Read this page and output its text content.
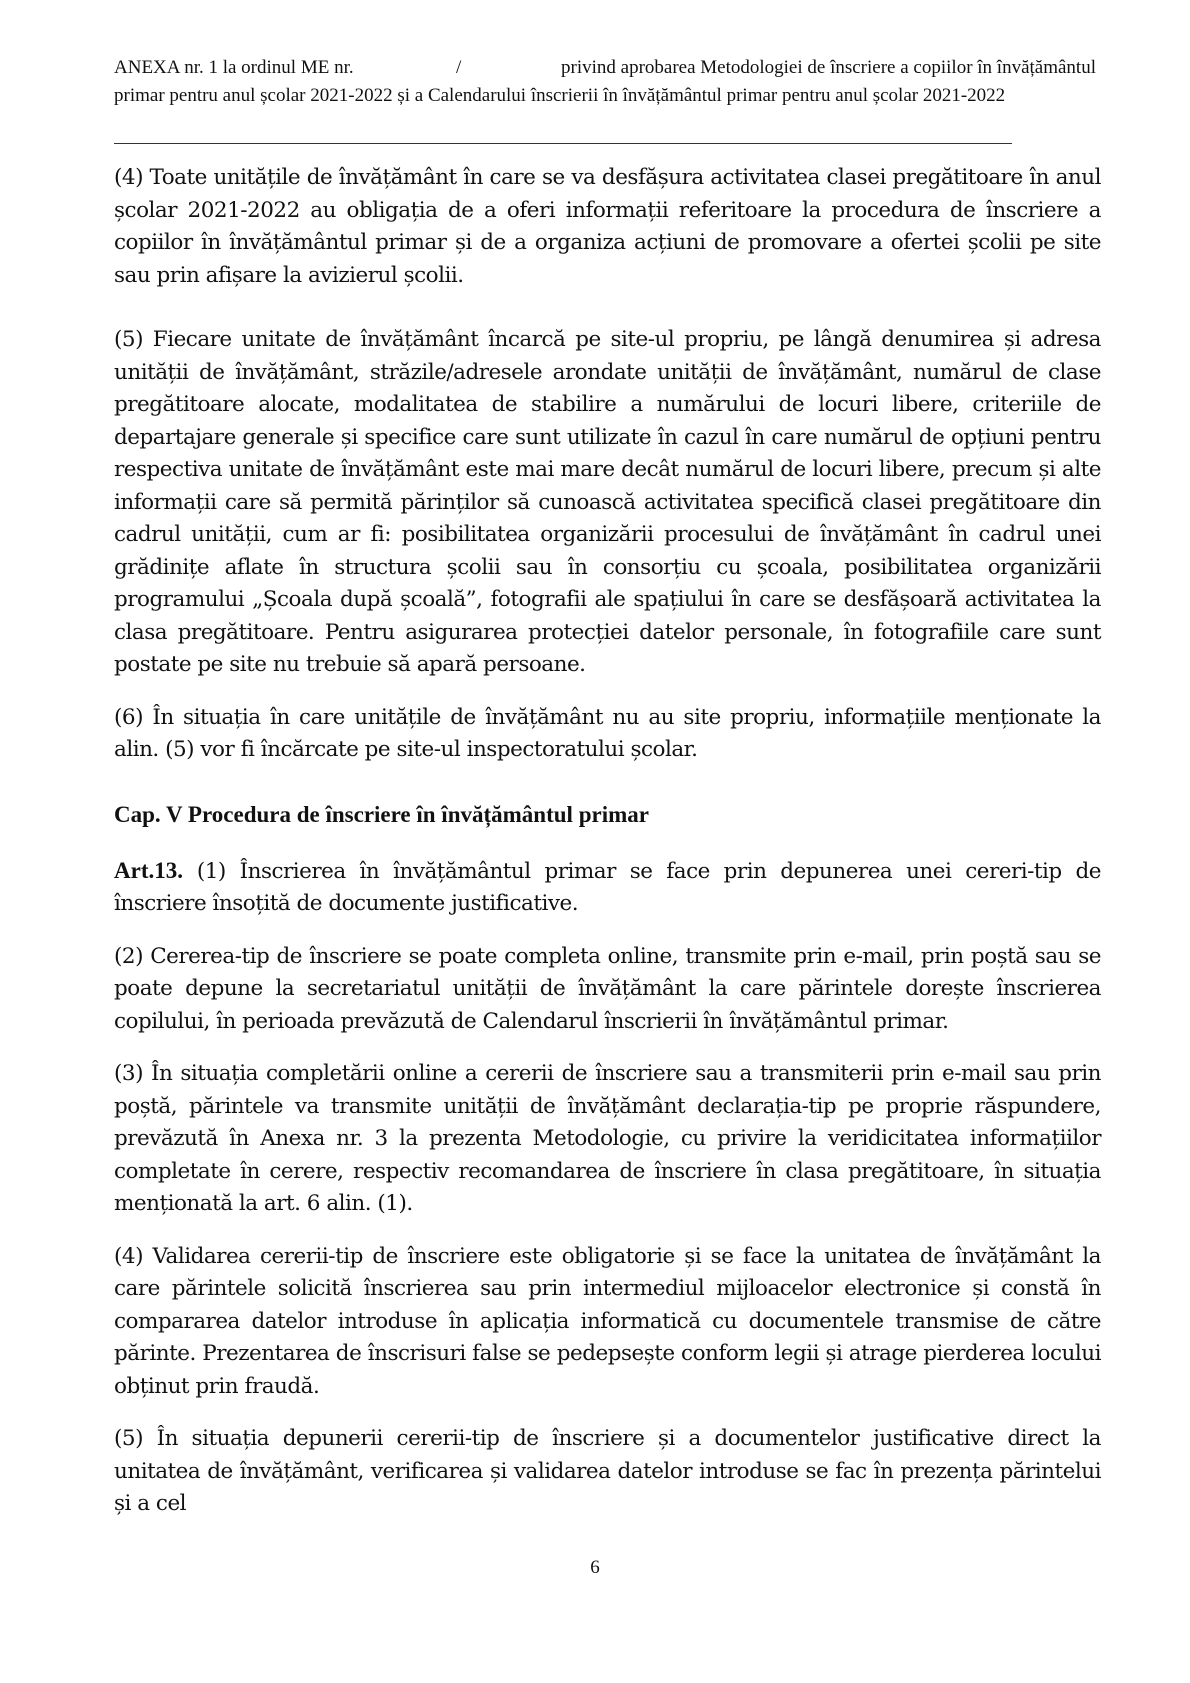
ANEXA nr. 1 la ordinul ME nr.	/	privind aprobarea Metodologiei de înscriere a copiilor în învățământul
primar pentru anul școlar 2021-2022 și a Calendarului înscrierii în învățământul primar pentru anul școlar 2021-2022

(4) Toate unitățile de învățământ în care se va desfășura activitatea clasei pregătitoare în anul școlar 2021-2022 au obligația de a oferi informații referitoare la procedura de înscriere a copiilor în învățământul primar și de a organiza acțiuni de promovare a ofertei școlii pe site sau prin afișare la avizierul școlii.

(5) Fiecare unitate de învățământ încarcă pe site-ul propriu, pe lângă denumirea și adresa unității de învățământ, străzile/adresele arondate unității de învățământ, numărul de clase pregătitoare alocate, modalitatea de stabilire a numărului de locuri libere, criteriile de departajare generale și specifice care sunt utilizate în cazul în care numărul de opțiuni pentru respectiva unitate de învățământ este mai mare decât numărul de locuri libere, precum și alte informații care să permită părinților să cunoască activitatea specifică clasei pregătitoare din cadrul unității, cum ar fi: posibilitatea organizării procesului de învățământ în cadrul unei grădinițe aflate în structura școlii sau în consorțiu cu școala, posibilitatea organizării programului „Școala după școală”, fotografii ale spațiului în care se desfășoară activitatea la clasa pregătitoare. Pentru asigurarea protecției datelor personale, în fotografiile care sunt postate pe site nu trebuie să apară persoane.

(6) În situația în care unitățile de învățământ nu au site propriu, informațiile menționate la alin. (5) vor fi încărcate pe site-ul inspectoratului școlar.

Cap. V Procedura de înscriere în învățământul primar

Art.13. (1) Înscrierea în învățământul primar se face prin depunerea unei cereri-tip de înscriere însoțită de documente justificative.

(2) Cererea-tip de înscriere se poate completa online, transmite prin e-mail, prin poștă sau se poate depune la secretariatul unității de învățământ la care părintele dorește înscrierea copilului, în perioada prevăzută de Calendarul înscrierii în învățământul primar.

(3) În situația completării online a cererii de înscriere sau a transmiterii prin e-mail sau prin poștă, părintele va transmite unității de învățământ declarația-tip pe proprie răspundere, prevăzută în Anexa nr. 3 la prezenta Metodologie, cu privire la veridicitatea informațiilor completate în cerere, respectiv recomandarea de înscriere în clasa pregătitoare, în situația menționată la art. 6 alin. (1).

(4) Validarea cererii-tip de înscriere este obligatorie și se face la unitatea de învățământ la care părintele solicită înscrierea sau prin intermediul mijloacelor electronice și constă în compararea datelor introduse în aplicația informatică cu documentele transmise de către părinte. Prezentarea de înscrisuri false se pedepsește conform legii și atrage pierderea locului obținut prin fraudă.

(5) În situația depunerii cererii-tip de înscriere și a documentelor justificative direct la unitatea de învățământ, verificarea și validarea datelor introduse se fac în prezența părintelui și a cel

6
